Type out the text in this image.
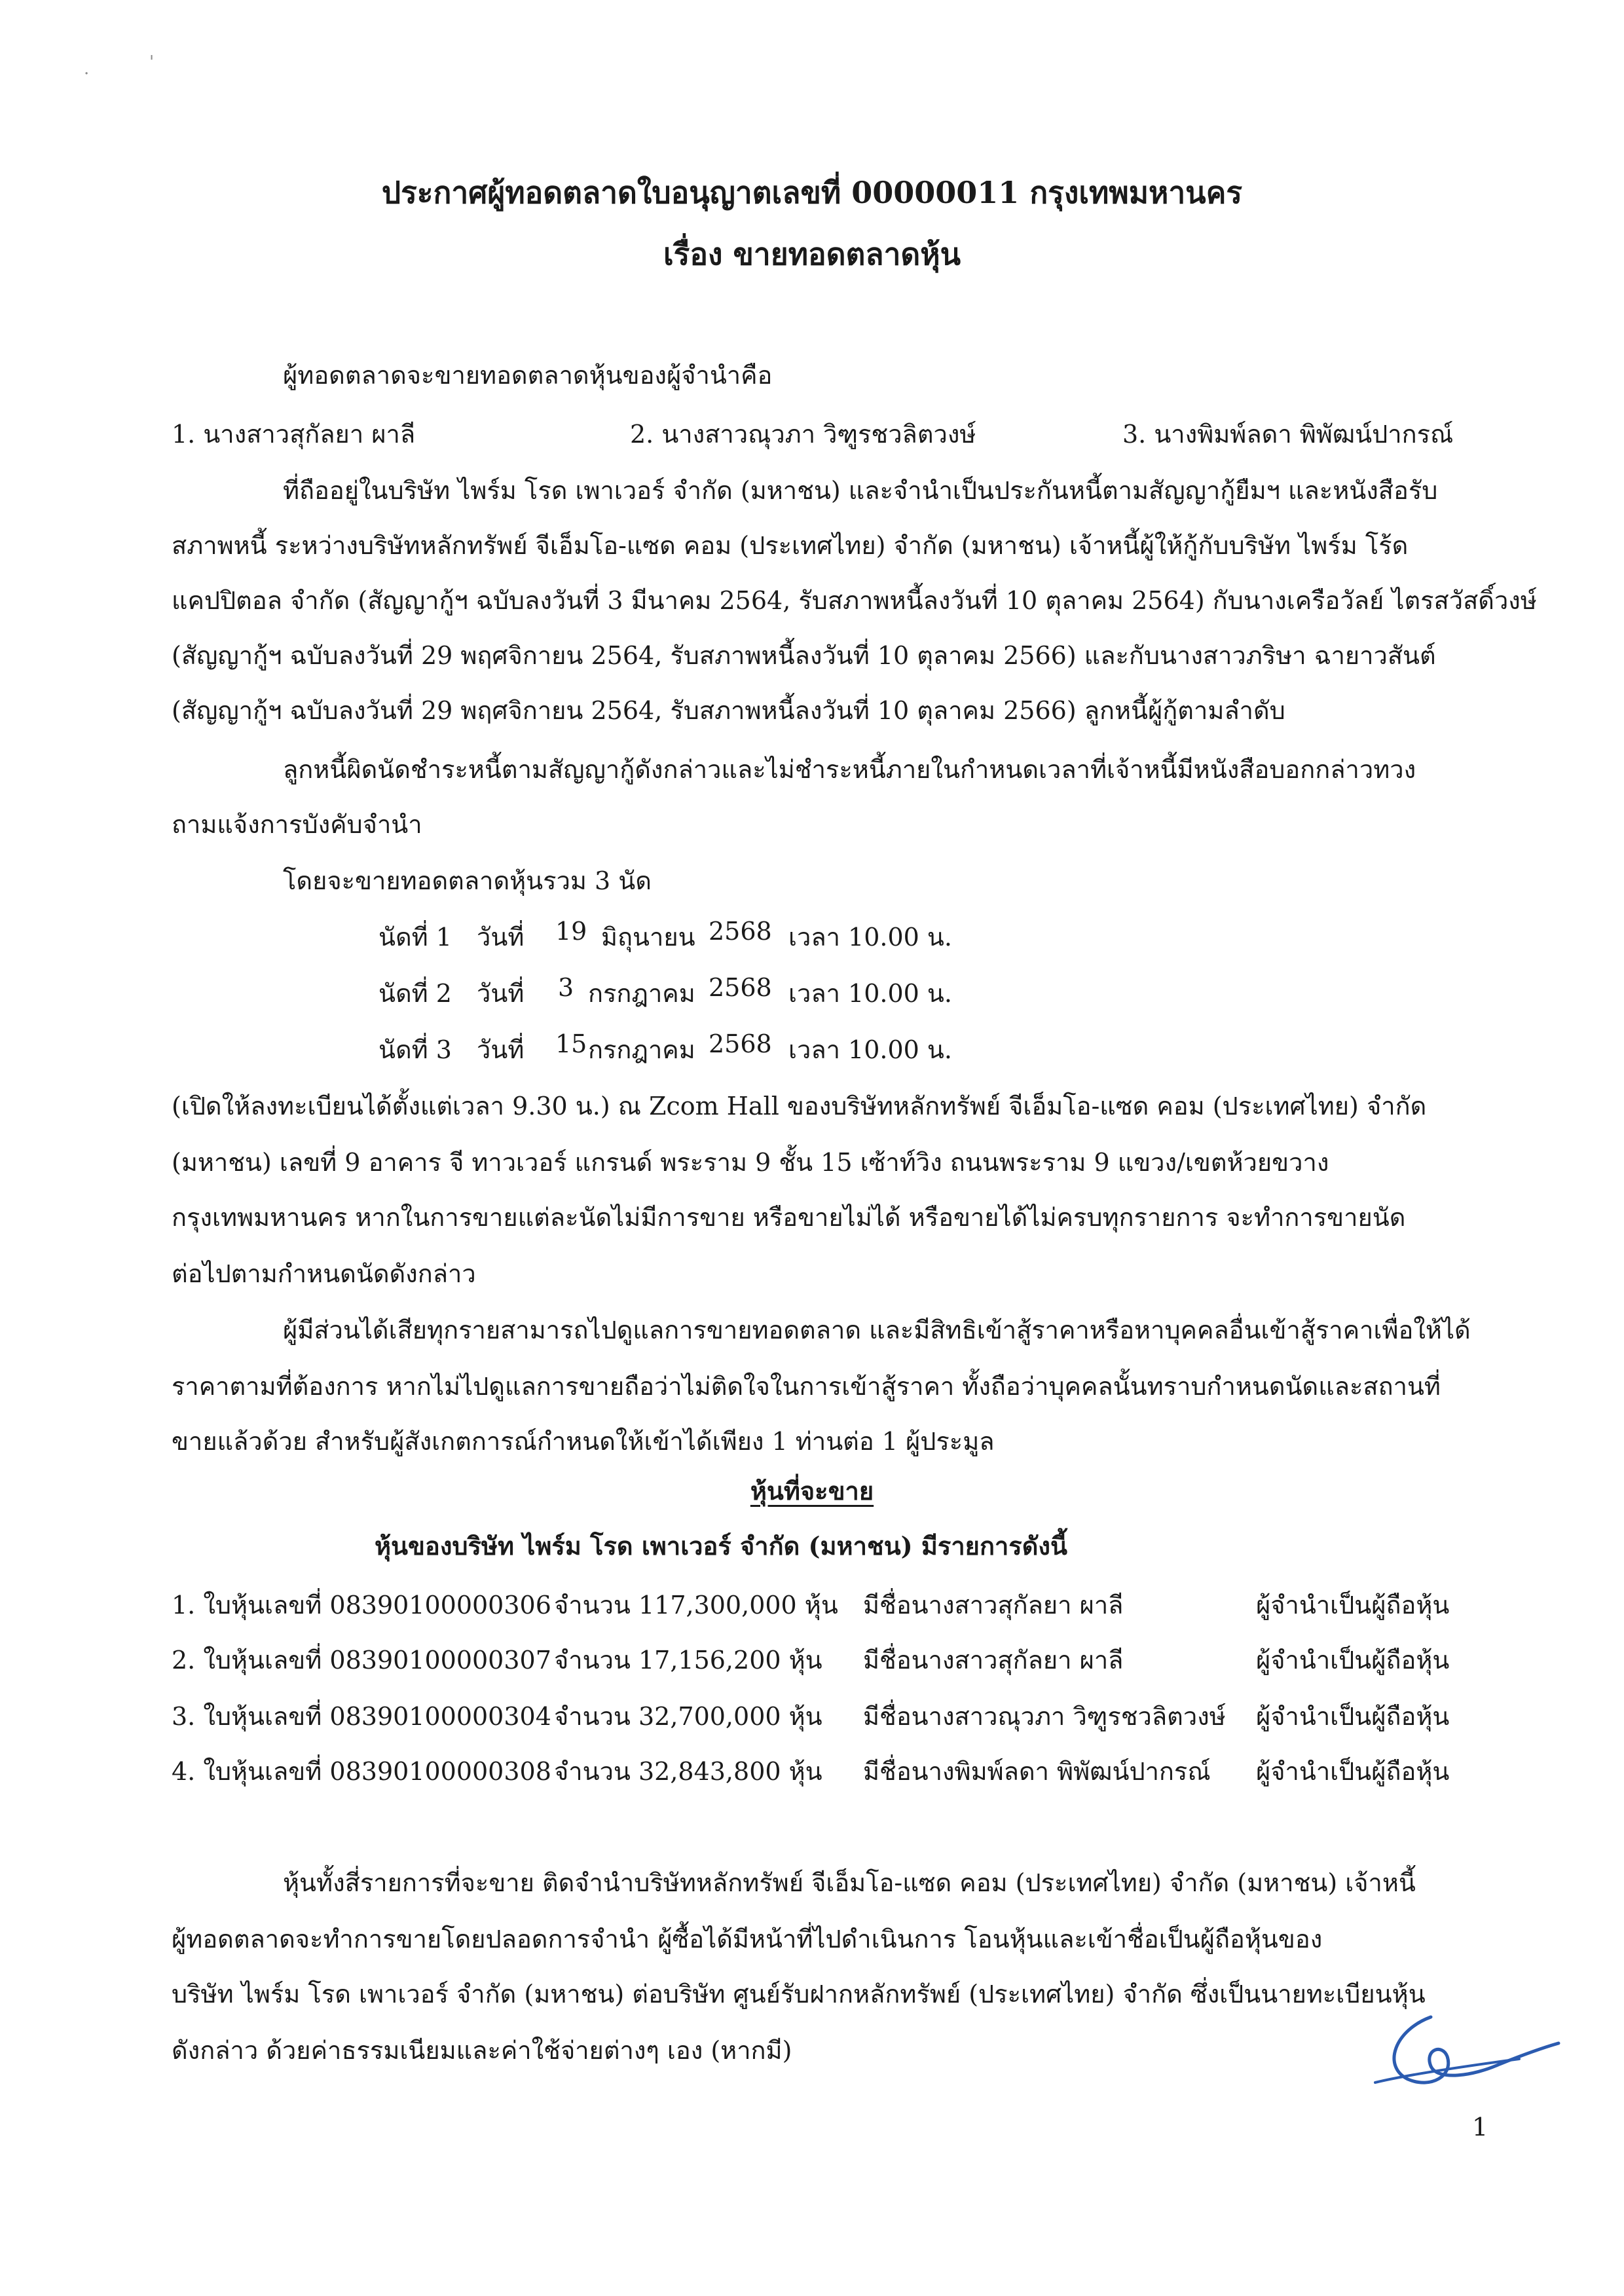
·
'
ประกาศผู้ทอดตลาดใบอนุญาตเลขที่ 00000011 กรุงเทพมหานคร
เรื่อง ขายทอดตลาดหุ้น
ผู้ทอดตลาดจะขายทอดตลาดหุ้นของผู้จำนำคือ
1. นางสาวสุกัลยา ผาลี	2. นางสาวณุวภา วิฑูรชวลิตวงษ์	3. นางพิมพ์ลดา พิพัฒน์ปากรณ์
ที่ถืออยู่ในบริษัท ไพร์ม โรด เพาเวอร์ จำกัด (มหาชน) และจำนำเป็นประกันหนี้ตามสัญญากู้ยืมฯ และหนังสือรับ
สภาพหนี้ ระหว่างบริษัทหลักทรัพย์ จีเอ็มโอ-แซด คอม (ประเทศไทย) จำกัด (มหาชน) เจ้าหนี้ผู้ให้กู้กับบริษัท ไพร์ม โร้ด
แคปปิตอล จำกัด (สัญญากู้ฯ ฉบับลงวันที่ 3 มีนาคม 2564, รับสภาพหนี้ลงวันที่ 10 ตุลาคม 2564) กับนางเครือวัลย์ ไตรสวัสดิ์วงษ์
(สัญญากู้ฯ ฉบับลงวันที่ 29 พฤศจิกายน 2564, รับสภาพหนี้ลงวันที่ 10 ตุลาคม 2566) และกับนางสาวภริษา ฉายาวสันต์
(สัญญากู้ฯ ฉบับลงวันที่ 29 พฤศจิกายน 2564, รับสภาพหนี้ลงวันที่ 10 ตุลาคม 2566) ลูกหนี้ผู้กู้ตามลำดับ
ลูกหนี้ผิดนัดชำระหนี้ตามสัญญากู้ดังกล่าวและไม่ชำระหนี้ภายในกำหนดเวลาที่เจ้าหนี้มีหนังสือบอกกล่าวทวง
ถามแจ้งการบังคับจำนำ
โดยจะขายทอดตลาดหุ้นรวม 3 นัด
นัดที่ 1 วันที่ 19 มิถุนายน 2568 เวลา 10.00 น.
นัดที่ 2 วันที่ 3 กรกฎาคม 2568 เวลา 10.00 น.
นัดที่ 3 วันที่ 15 กรกฎาคม 2568 เวลา 10.00 น.
(เปิดให้ลงทะเบียนได้ตั้งแต่เวลา 9.30 น.) ณ Zcom Hall ของบริษัทหลักทรัพย์ จีเอ็มโอ-แซด คอม (ประเทศไทย) จำกัด
(มหาชน) เลขที่ 9 อาคาร จี ทาวเวอร์ แกรนด์ พระราม 9 ชั้น 15 เซ้าท์วิง ถนนพระราม 9 แขวง/เขตห้วยขวาง
กรุงเทพมหานคร หากในการขายแต่ละนัดไม่มีการขาย หรือขายไม่ได้ หรือขายได้ไม่ครบทุกรายการ จะทำการขายนัด
ต่อไปตามกำหนดนัดดังกล่าว
ผู้มีส่วนได้เสียทุกรายสามารถไปดูแลการขายทอดตลาด และมีสิทธิเข้าสู้ราคาหรือหาบุคคลอื่นเข้าสู้ราคาเพื่อให้ได้
ราคาตามที่ต้องการ หากไม่ไปดูแลการขายถือว่าไม่ติดใจในการเข้าสู้ราคา ทั้งถือว่าบุคคลนั้นทราบกำหนดนัดและสถานที่
ขายแล้วด้วย สำหรับผู้สังเกตการณ์กำหนดให้เข้าได้เพียง 1 ท่านต่อ 1 ผู้ประมูล
หุ้นที่จะขาย
หุ้นของบริษัท ไพร์ม โรด เพาเวอร์ จำกัด (มหาชน) มีรายการดังนี้
1. ใบหุ้นเลขที่ 08390100000306 จำนวน 117,300,000 หุ้น มีชื่อนางสาวสุกัลยา ผาลี	ผู้จำนำเป็นผู้ถือหุ้น
2. ใบหุ้นเลขที่ 08390100000307 จำนวน 17,156,200 หุ้น มีชื่อนางสาวสุกัลยา ผาลี	ผู้จำนำเป็นผู้ถือหุ้น
3. ใบหุ้นเลขที่ 08390100000304 จำนวน 32,700,000 หุ้น มีชื่อนางสาวณุวภา วิฑูรชวลิตวงษ์ ผู้จำนำเป็นผู้ถือหุ้น
4. ใบหุ้นเลขที่ 08390100000308 จำนวน 32,843,800 หุ้น มีชื่อนางพิมพ์ลดา พิพัฒน์ปากรณ์ ผู้จำนำเป็นผู้ถือหุ้น
หุ้นทั้งสี่รายการที่จะขาย ติดจำนำบริษัทหลักทรัพย์ จีเอ็มโอ-แซด คอม (ประเทศไทย) จำกัด (มหาชน) เจ้าหนี้
ผู้ทอดตลาดจะทำการขายโดยปลอดการจำนำ ผู้ซื้อได้มีหน้าที่ไปดำเนินการ โอนหุ้นและเข้าชื่อเป็นผู้ถือหุ้นของ
บริษัท ไพร์ม โรด เพาเวอร์ จำกัด (มหาชน) ต่อบริษัท ศูนย์รับฝากหลักทรัพย์ (ประเทศไทย) จำกัด ซึ่งเป็นนายทะเบียนหุ้น
ดังกล่าว ด้วยค่าธรรมเนียมและค่าใช้จ่ายต่างๆ เอง (หากมี)
1
